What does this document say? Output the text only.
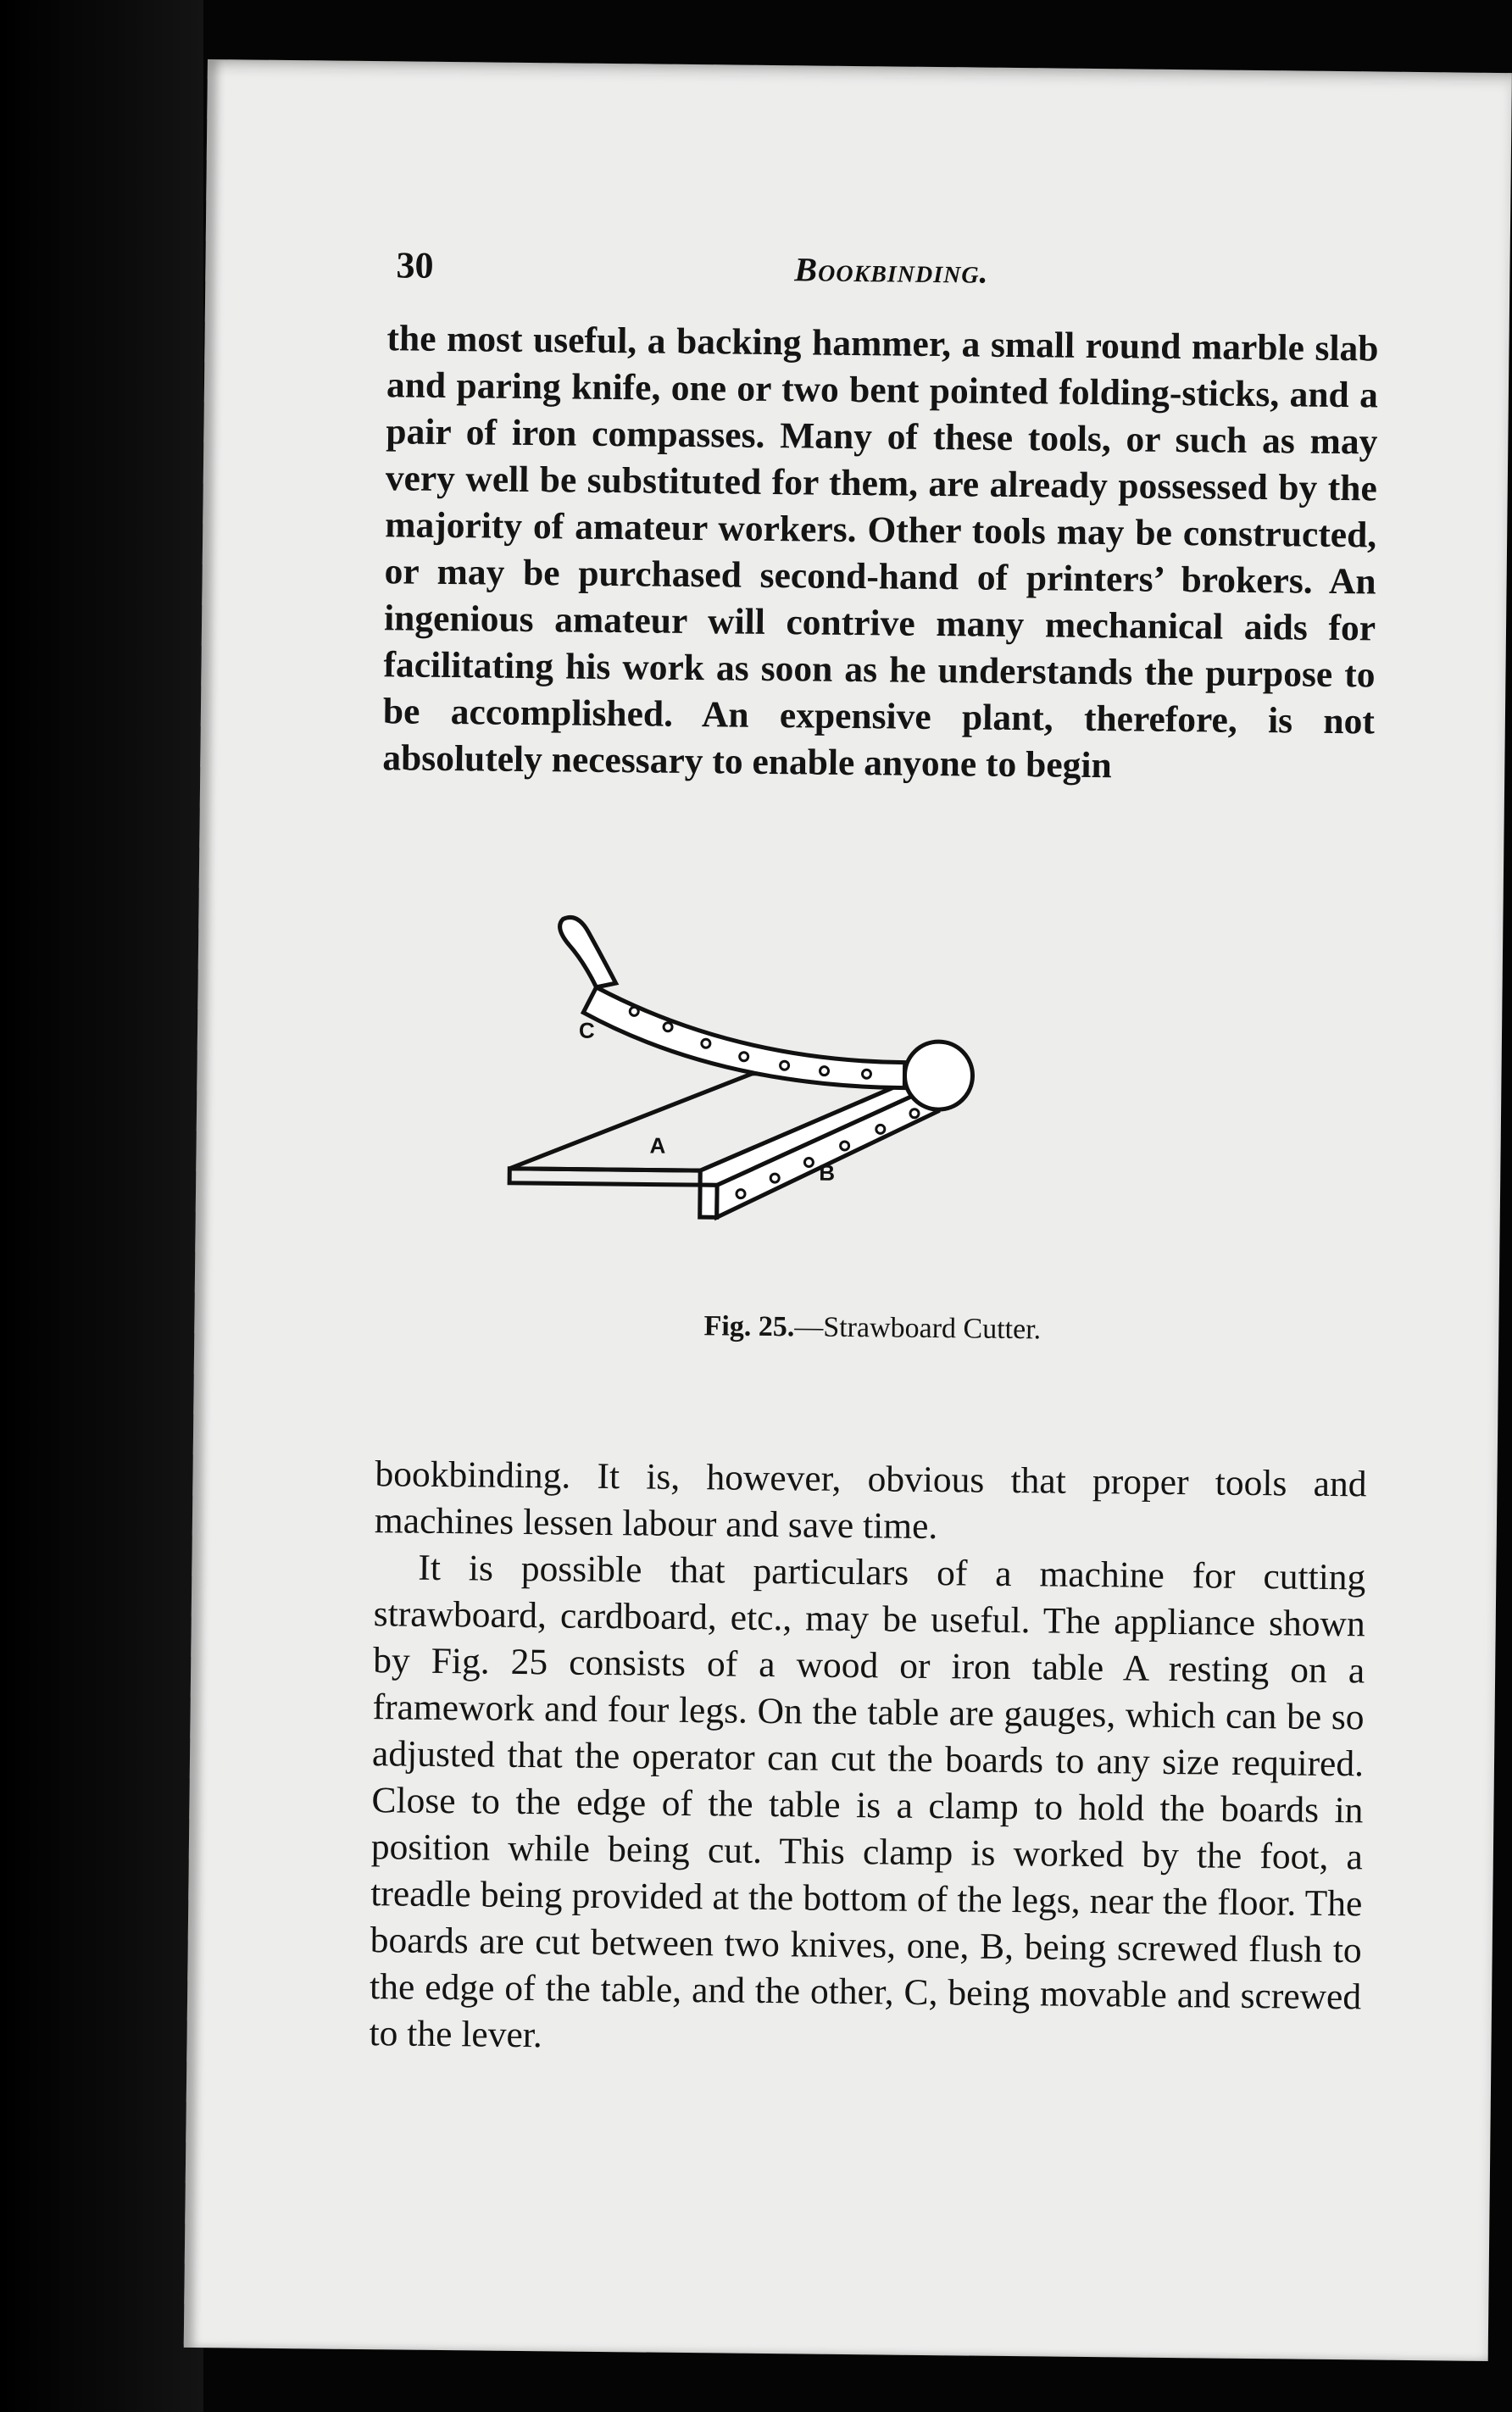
30	Bookbinding.

the most useful, a backing hammer, a small round marble slab and paring knife, one or two bent pointed folding-sticks, and a pair of iron compasses. Many of these tools, or such as may very well be substituted for them, are already possessed by the majority of amateur workers. Other tools may be constructed, or may be purchased second-hand of printers’ brokers. An ingenious amateur will contrive many mechanical aids for facilitating his work as soon as he understands the purpose to be accomplished. An expensive plant, therefore, is not absolutely necessary to enable anyone to begin

A
B
C
Fig. 25.—Strawboard Cutter.

bookbinding. It is, however, obvious that proper tools and machines lessen labour and save time.

It is possible that particulars of a machine for cutting strawboard, cardboard, etc., may be useful. The appliance shown by Fig. 25 consists of a wood or iron table A resting on a framework and four legs. On the table are gauges, which can be so adjusted that the operator can cut the boards to any size required. Close to the edge of the table is a clamp to hold the boards in position while being cut. This clamp is worked by the foot, a treadle being provided at the bottom of the legs, near the floor. The boards are cut between two knives, one, B, being screwed flush to the edge of the table, and the other, C, being movable and screwed to the lever.
